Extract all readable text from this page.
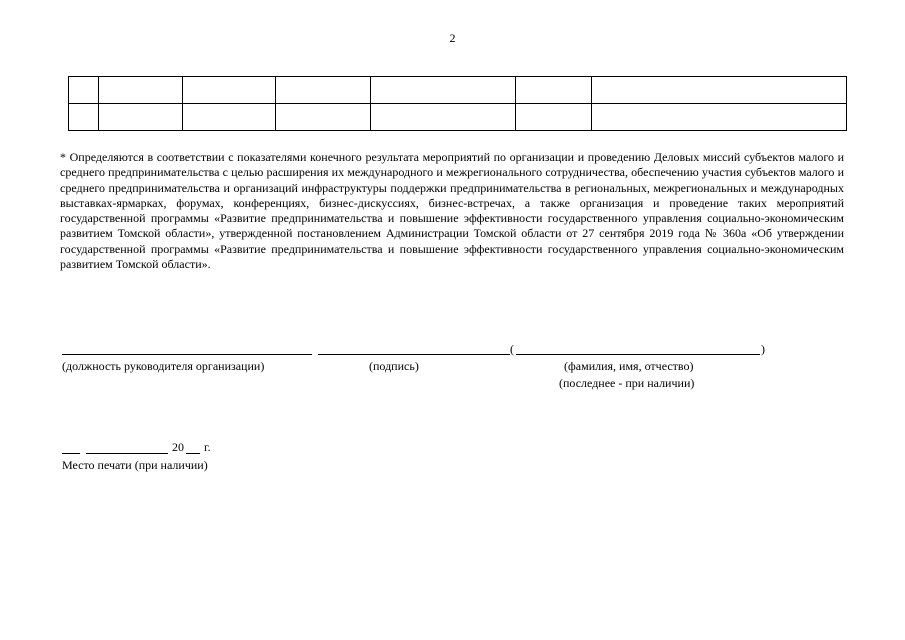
2

* Определяются в соответствии с показателями конечного результата мероприятий по организации и проведению Деловых миссий субъектов малого и среднего предпринимательства с целью расширения их международного и межрегионального сотрудничества, обеспечению участия субъектов малого и среднего предпринимательства и организаций инфраструктуры поддержки предпринимательства в региональных, межрегиональных и международных выставках-ярмарках, форумах, конференциях, бизнес-дискуссиях, бизнес-встречах, а также организация и проведение таких мероприятий государственной программы «Развитие предпринимательства и повышение эффективности государственного управления социально-экономическим развитием Томской области», утвержденной постановлением Администрации Томской области от 27 сентября 2019 года № 360а «Об утверждении государственной программы «Развитие предпринимательства и повышение эффективности государственного управления социально-экономическим развитием Томской области».
(	)
(должность руководителя организации)	(подпись)	(фамилия, имя, отчество)
(последнее - при наличии)
20 г.
Место печати (при наличии)
